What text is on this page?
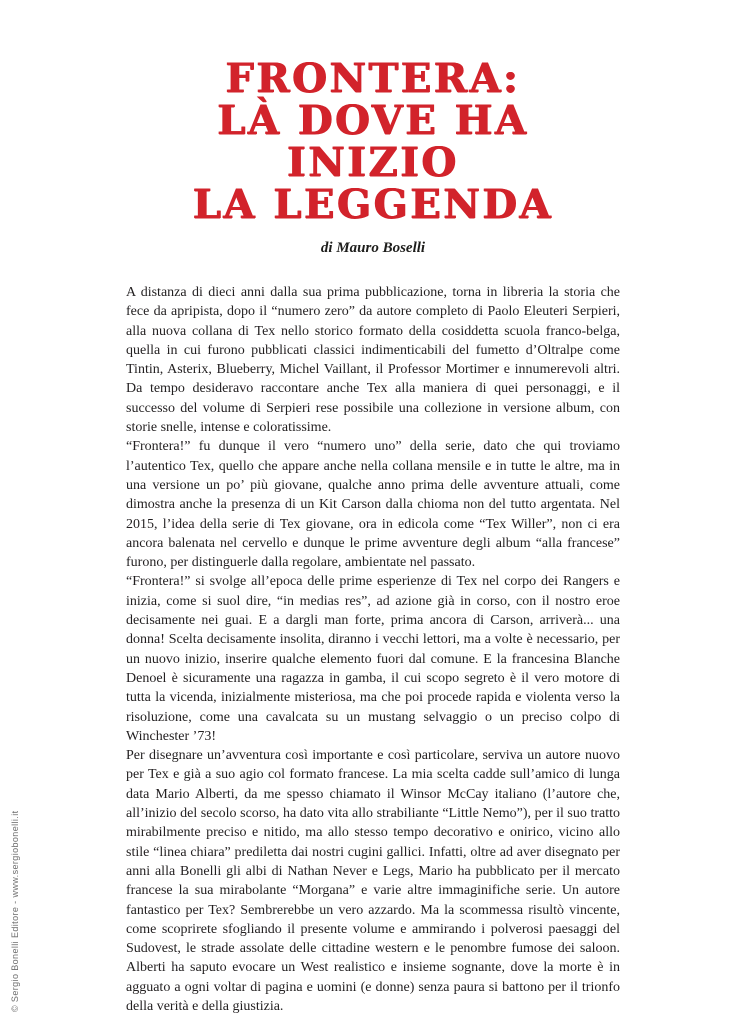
© Sergio Bonelli Editore - www.sergiobonelli.it
FRONTERA:
LÀ DOVE HA INIZIO
LA LEGGENDA
di Mauro Boselli

A distanza di dieci anni dalla sua prima pubblicazione, torna in libreria la storia che fece da apripista, dopo il “numero zero” da autore completo di Paolo Eleuteri Serpieri, alla nuova collana di Tex nello storico formato della cosiddetta scuola franco-belga, quella in cui furono pubblicati classici indimenticabili del fumetto d’Oltralpe come Tintin, Asterix, Blueberry, Michel Vaillant, il Professor Mortimer e innumerevoli altri. Da tempo desideravo raccontare anche Tex alla maniera di quei personaggi, e il successo del volume di Serpieri rese possibile una collezione in versione album, con storie snelle, intense e coloratissime.

“Frontera!” fu dunque il vero “numero uno” della serie, dato che qui troviamo l’autentico Tex, quello che appare anche nella collana mensile e in tutte le altre, ma in una versione un po’ più giovane, qualche anno prima delle avventure attuali, come dimostra anche la presenza di un Kit Carson dalla chioma non del tutto argentata. Nel 2015, l’idea della serie di Tex giovane, ora in edicola come “Tex Willer”, non ci era ancora balenata nel cervello e dunque le prime avventure degli album “alla francese” furono, per distinguerle dalla regolare, ambientate nel passato.

“Frontera!” si svolge all’epoca delle prime esperienze di Tex nel corpo dei Rangers e inizia, come si suol dire, “in medias res”, ad azione già in corso, con il nostro eroe decisamente nei guai. E a dargli man forte, prima ancora di Carson, arriverà... una donna! Scelta decisamente insolita, diranno i vecchi lettori, ma a volte è necessario, per un nuovo inizio, inserire qualche elemento fuori dal comune. E la francesina Blanche Denoel è sicuramente una ragazza in gamba, il cui scopo segreto è il vero motore di tutta la vicenda, inizialmente misteriosa, ma che poi procede rapida e violenta verso la risoluzione, come una cavalcata su un mustang selvaggio o un preciso colpo di Winchester ’73!

Per disegnare un’avventura così importante e così particolare, serviva un autore nuovo per Tex e già a suo agio col formato francese. La mia scelta cadde sull’amico di lunga data Mario Alberti, da me spesso chiamato il Winsor McCay italiano (l’autore che, all’inizio del secolo scorso, ha dato vita allo strabiliante “Little Nemo”), per il suo tratto mirabilmente preciso e nitido, ma allo stesso tempo decorativo e onirico, vicino allo stile “linea chiara” prediletta dai nostri cugini gallici. Infatti, oltre ad aver disegnato per anni alla Bonelli gli albi di Nathan Never e Legs, Mario ha pubblicato per il mercato francese la sua mirabolante “Morgana” e varie altre immaginifiche serie. Un autore fantastico per Tex? Sembrerebbe un vero azzardo. Ma la scommessa risultò vincente, come scoprirete sfogliando il presente volume e ammirando i polverosi paesaggi del Sudovest, le strade assolate delle cittadine western e le penombre fumose dei saloon. Alberti ha saputo evocare un West realistico e insieme sognante, dove la morte è in agguato a ogni voltar di pagina e uomini (e donne) senza paura si battono per il trionfo della verità e della giustizia.
